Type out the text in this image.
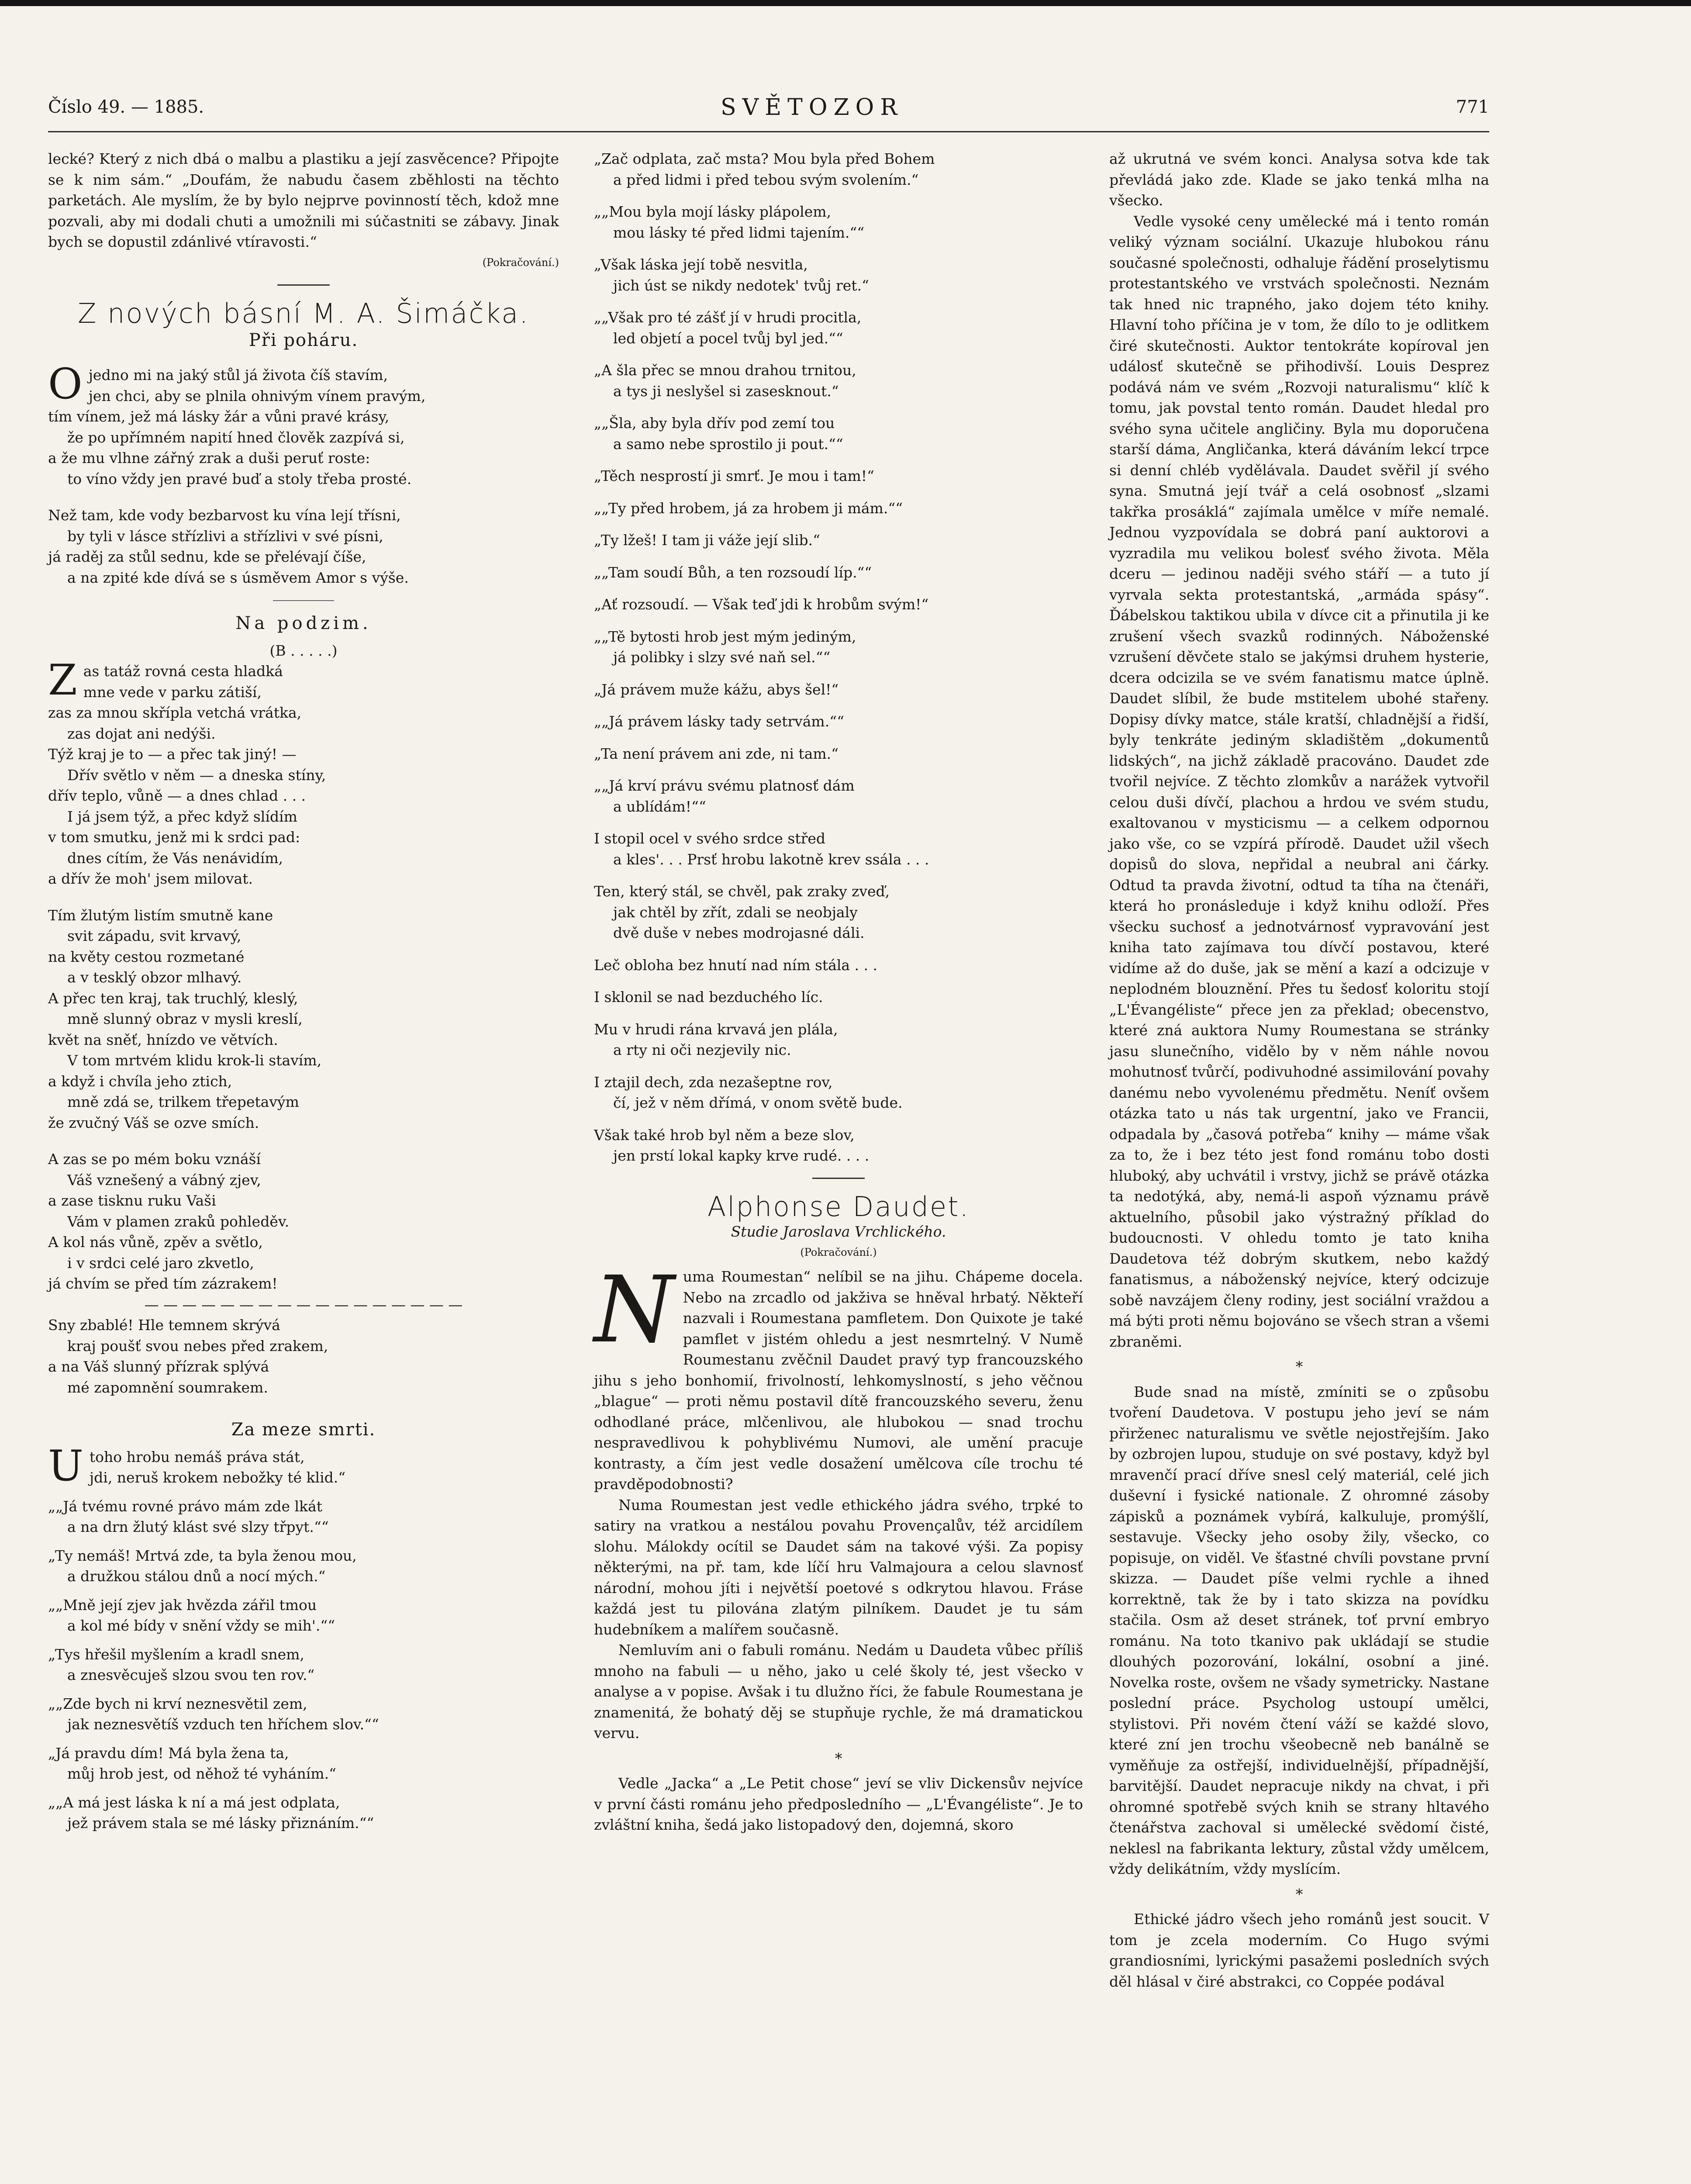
Číslo 49. — 1885.	SVĚTOZOR	771

lecké? Který z nich dbá o malbu a plastiku a její zasvěcence? Připojte se k nim sám.“ „Doufám, že nabudu časem zběhlosti na těchto parketách. Ale myslím, že by bylo nejprve povinností těch, kdož mne pozvali, aby mi dodali chuti a umožnili mi súčastniti se zábavy. Jinak bych se dopustil zdánlivé vtíravosti.“

(Pokračování.)

Z nových básní M. A. Šimáčka.
Při poháru.
O jedno mi na jaký stůl já života číš stavím,
jen chci, aby se plnila ohnivým vínem pravým,
tím vínem, jež má lásky žár a vůni pravé krásy,
že po upřímném napití hned člověk zazpívá si,
a že mu vlhne zářný zrak a duši peruť roste:
to víno vždy jen pravé buď a stoly třeba prosté.
Než tam, kde vody bezbarvost ku vína lejí třísni,
by tyli v lásce střízlivi a střízlivi v své písni,
já raděj za stůl sednu, kde se přelévají číše,
a na zpité kde dívá se s úsměvem Amor s výše.
Na podzim.
(B . . . . .)
Z as tatáž rovná cesta hladká
mne vede v parku zátiší,
zas za mnou skřípla vetchá vrátka,
zas dojat ani nedýši.
Týž kraj je to — a přec tak jiný! —
Dřív světlo v něm — a dneska stíny,
dřív teplo, vůně — a dnes chlad . . .
I já jsem týž, a přec když slídím
v tom smutku, jenž mi k srdci pad:
dnes cítím, že Vás nenávidím,
a dřív že moh' jsem milovat.
Tím žlutým listím smutně kane
svit západu, svit krvavý,
na květy cestou rozmetané
a v tesklý obzor mlhavý.
A přec ten kraj, tak truchlý, kleslý,
mně slunný obraz v mysli kreslí,
květ na sněť, hnízdo ve větvích.
V tom mrtvém klidu krok-li stavím,
a když i chvíla jeho ztich,
mně zdá se, trilkem třepetavým
že zvučný Váš se ozve smích.
A zas se po mém boku vznáší
Váš vznešený a vábný zjev,
a zase tisknu ruku Vaši
Vám v plamen zraků pohleděv.
A kol nás vůně, zpěv a světlo,
i v srdci celé jaro zkvetlo,
já chvím se před tím zázrakem!
— — — — — — — — — — — — — — — — —
Sny zbablé! Hle temnem skrývá
kraj poušť svou nebes před zrakem,
a na Váš slunný přízrak splývá
mé zapomnění soumrakem.
Za meze smrti.
U toho hrobu nemáš práva stát,
jdi, neruš krokem nebožky té klid.“
„„Já tvému rovné právo mám zde lkát
a na drn žlutý klást své slzy třpyt.““
„Ty nemáš! Mrtvá zde, ta byla ženou mou,
a družkou stálou dnů a nocí mých.“
„„Mně její zjev jak hvězda zářil tmou
a kol mé bídy v snění vždy se mih'.““
„Tys hřešil myšlením a kradl snem,
a znesvěcuješ slzou svou ten rov.“
„„Zde bych ni krví neznesvětil zem,
jak neznesvětíš vzduch ten hříchem slov.““
„Já pravdu dím! Má byla žena ta,
můj hrob jest, od něhož té vyháním.“
„„A má jest láska k ní a má jest odplata,
jež právem stala se mé lásky přiznáním.““
„Zač odplata, zač msta? Mou byla před Bohem
a před lidmi i před tebou svým svolením.“
„„Mou byla mojí lásky plápolem,
mou lásky té před lidmi tajením.““
„Však láska její tobě nesvitla,
jich úst se nikdy nedotek' tvůj ret.“
„„Však pro té zášť jí v hrudi procitla,
led objetí a pocel tvůj byl jed.““
„A šla přec se mnou drahou trnitou,
a tys ji neslyšel si zasesknout.“
„„Šla, aby byla dřív pod zemí tou
a samo nebe sprostilo ji pout.““
„Těch nesprostí ji smrť. Je mou i tam!“
„„Ty před hrobem, já za hrobem ji mám.““
„Ty lžeš! I tam ji váže její slib.“
„„Tam soudí Bůh, a ten rozsoudí líp.““
„Ať rozsoudí. — Však teď jdi k hrobům svým!“
„„Tě bytosti hrob jest mým jediným,
já polibky i slzy své naň sel.““
„Já právem muže kážu, abys šel!“
„„Já právem lásky tady setrvám.““
„Ta není právem ani zde, ni tam.“
„„Já krví právu svému platnosť dám
a ublídám!““
I stopil ocel v svého srdce střed
a kles'. . . Prsť hrobu lakotně krev ssála . . .
Ten, který stál, se chvěl, pak zraky zveď,
jak chtěl by zřít, zdali se neobjaly
dvě duše v nebes modrojasné dáli.
Leč obloha bez hnutí nad ním stála . . .
I sklonil se nad bezduchého líc.
Mu v hrudi rána krvavá jen plála,
a rty ni oči nezjevily nic.
I ztajil dech, zda nezašeptne rov,
čí, jež v něm dřímá, v onom světě bude.
Však také hrob byl něm a beze slov,
jen prstí lokal kapky krve rudé. . . .
Alphonse Daudet.
Studie Jaroslava Vrchlického.
(Pokračování.)
N uma Roumestan“ nelíbil se na jihu. Chápeme docela. Nebo na zrcadlo od jakživa se hněval hrbatý. Někteří nazvali i Roumestana pamfletem. Don Quixote je také pamflet v jistém ohledu a jest nesmrtelný. V Numě Roumestanu zvěčnil Daudet pravý typ francouzského jihu s jeho bonhomií, frivolností, lehkomyslností, s jeho věčnou „blague“ — proti němu postavil dítě francouzského severu, ženu odhodlané práce, mlčenlivou, ale hlubokou — snad trochu nespravedlivou k pohyblivému Numovi, ale umění pracuje kontrasty, a čím jest vedle dosažení umělcova cíle trochu té pravděpodobnosti?

Numa Roumestan jest vedle ethického jádra svého, trpké to satiry na vratkou a nestálou povahu Provençalův, též arcidílem slohu. Málokdy ocítil se Daudet sám na takové výši. Za popisy některými, na př. tam, kde líčí hru Valmajoura a celou slavnosť národní, mohou jíti i největší poetové s odkrytou hlavou. Fráse každá jest tu pilována zlatým pilníkem. Daudet je tu sám hudebníkem a malířem současně.

Nemluvím ani o fabuli románu. Nedám u Daudeta vůbec příliš mnoho na fabuli — u něho, jako u celé školy té, jest všecko v analyse a v popise. Avšak i tu dlužno říci, že fabule Roumestana je znamenitá, že bohatý děj se stupňuje rychle, že má dramatickou vervu.

*

Vedle „Jacka“ a „Le Petit chose“ jeví se vliv Dickensův nejvíce v první části románu jeho předposledního — „L'Évangéliste“. Je to zvláštní kniha, šedá jako listopadový den, dojemná, skoro

až ukrutná ve svém konci. Analysa sotva kde tak převládá jako zde. Klade se jako tenká mlha na všecko.

Vedle vysoké ceny umělecké má i tento román veliký význam sociální. Ukazuje hlubokou ránu současné společnosti, odhaluje řádění proselytismu protestantského ve vrstvách společnosti. Neznám tak hned nic trapného, jako dojem této knihy. Hlavní toho příčina je v tom, že dílo to je odlitkem čiré skutečnosti. Auktor tentokráte kopíroval jen událosť skutečně se přihodivší. Louis Desprez podává nám ve svém „Rozvoji naturalismu“ klíč k tomu, jak povstal tento román. Daudet hledal pro svého syna učitele angličiny. Byla mu doporučena starší dáma, Angličanka, která dáváním lekcí trpce si denní chléb vydělávala. Daudet svěřil jí svého syna. Smutná její tvář a celá osobnosť „slzami takřka prosáklá“ zajímala umělce v míře nemalé. Jednou vyzpovídala se dobrá paní auktorovi a vyzradila mu velikou bolesť svého života. Měla dceru — jedinou naději svého stáří — a tuto jí vyrvala sekta protestantská, „armáda spásy“. Ďábelskou taktikou ubila v dívce cit a přinutila ji ke zrušení všech svazků rodinných. Náboženské vzrušení děvčete stalo se jakýmsi druhem hysterie, dcera odcizila se ve svém fanatismu matce úplně. Daudet slíbil, že bude mstitelem ubohé stařeny. Dopisy dívky matce, stále kratší, chladnější a řidší, byly tenkráte jediným skladištěm „dokumentů lidských“, na jichž základě pracováno. Daudet zde tvořil nejvíce. Z těchto zlomkův a narážek vytvořil celou duši dívčí, plachou a hrdou ve svém studu, exaltovanou v mysticismu — a celkem odpornou jako vše, co se vzpírá přírodě. Daudet užil všech dopisů do slova, nepřidal a neubral ani čárky. Odtud ta pravda životní, odtud ta tíha na čtenáři, která ho pronásleduje i když knihu odloží. Přes všecku suchosť a jednotvárnosť vypravování jest kniha tato zajímava tou dívčí postavou, které vidíme až do duše, jak se mění a kazí a odcizuje v neplodném blouznění. Přes tu šedosť koloritu stojí „L'Évangéliste“ přece jen za překlad; obecenstvo, které zná auktora Numy Roumestana se stránky jasu slunečního, vidělo by v něm náhle novou mohutnosť tvůrčí, podivuhodné assimilování povahy danému nebo vyvolenému předmětu. Neníť ovšem otázka tato u nás tak urgentní, jako ve Francii, odpadala by „časová potřeba“ knihy — máme však za to, že i bez této jest fond románu tobo dosti hluboký, aby uchvátil i vrstvy, jichž se právě otázka ta nedotýká, aby, nemá-li aspoň významu právě aktuelního, působil jako výstražný příklad do budoucnosti. V ohledu tomto je tato kniha Daudetova též dobrým skutkem, nebo každý fanatismus, a náboženský nejvíce, který odcizuje sobě navzájem členy rodiny, jest sociální vraždou a má býti proti němu bojováno se všech stran a všemi zbraněmi.

*

Bude snad na místě, zmíniti se o způsobu tvoření Daudetova. V postupu jeho jeví se nám přirženec naturalismu ve světle nejostřejším. Jako by ozbrojen lupou, studuje on své postavy, když byl mravenčí prací dříve snesl celý materiál, celé jich duševní i fysické nationale. Z ohromné zásoby zápisků a poznámek vybírá, kalkuluje, promýšlí, sestavuje. Všecky jeho osoby žily, všecko, co popisuje, on viděl. Ve šťastné chvíli povstane první skizza. — Daudet píše velmi rychle a ihned korrektně, tak že by i tato skizza na povídku stačila. Osm až deset stránek, toť první embryo románu. Na toto tkanivo pak ukládají se studie dlouhých pozorování, lokální, osobní a jiné. Novelka roste, ovšem ne všady symetricky. Nastane poslední práce. Psycholog ustoupí umělci, stylistovi. Při novém čtení váží se každé slovo, které zní jen trochu všeobecně neb banálně se vyměňuje za ostřejší, individuelnější, případnější, barvitější. Daudet nepracuje nikdy na chvat, i při ohromné spotřebě svých knih se strany hltavého čtenářstva zachoval si umělecké svědomí čisté, neklesl na fabrikanta lektury, zůstal vždy umělcem, vždy delikátním, vždy myslícím.

*

Ethické jádro všech jeho románů jest soucit. V tom je zcela moderním. Co Hugo svými grandiosními, lyrickými pasažemi posledních svých děl hlásal v čiré abstrakci, co Coppée podával
